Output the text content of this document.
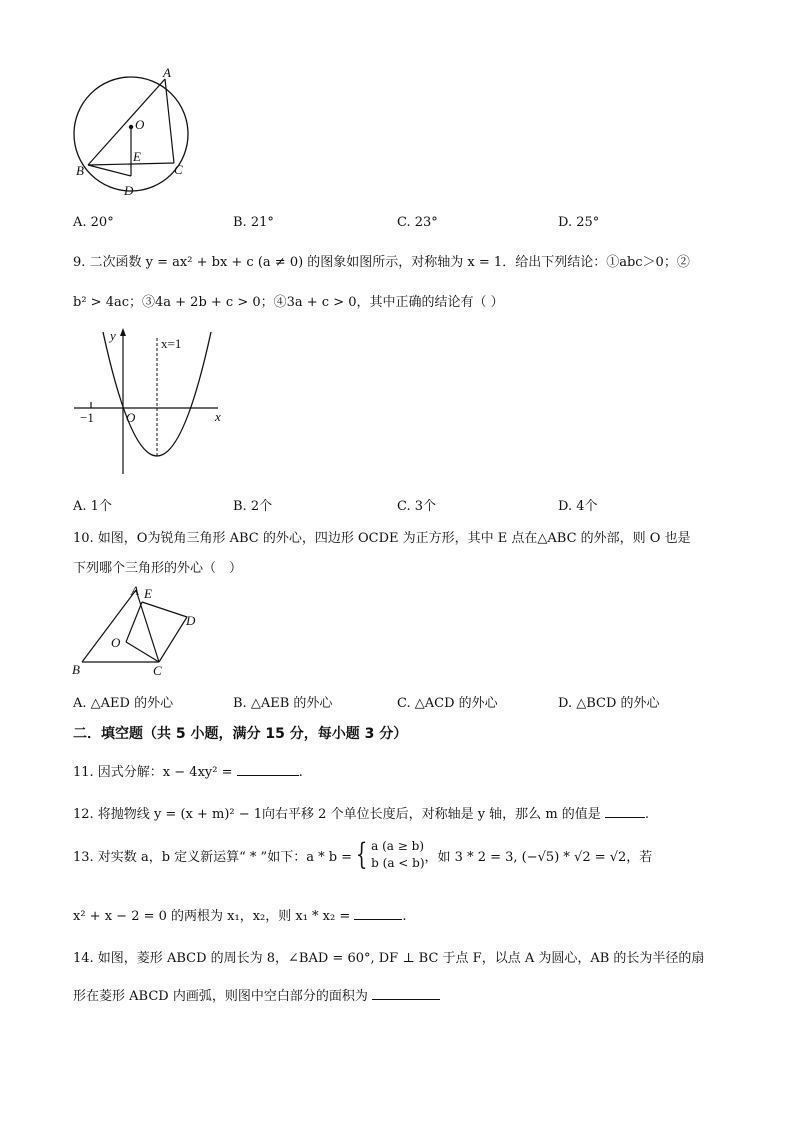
A
O
E
B	C
D
A. 20°	B. 21°	C. 23°	D. 25°
9. 二次函数 y = ax² + bx + c (a ≠ 0) 的图象如图所示，对称轴为 x = 1．给出下列结论：①abc＞0；②
b² > 4ac；③4a + 2b + c > 0；④3a + c > 0，其中正确的结论有（ ）
y
x
x=1
O
−1
A. 1个	B. 2个	C. 3个	D. 4个
10. 如图，O为锐角三角形 ABC 的外心，四边形 OCDE 为正方形，其中 E 点在△ABC 的外部，则 O 也是
下列哪个三角形的外心（　）
A E
D
O
B	C
A. △AED 的外心	B. △AEB 的外心	C. △ACD 的外心	D. △BCD 的外心
二．填空题（共 5 小题，满分 15 分，每小题 3 分）
11. 因式分解：x − 4xy² =	.
12. 将抛物线 y = (x + m)² − 1向右平移 2 个单位长度后，对称轴是 y 轴，那么 m 的值是	.
13. 对实数 a，b 定义新运算“ * ”如下：a * b = { a (a ≥ b)
b (a < b) ，如 3 * 2 = 3, (−√5) * √2 = √2，若
x² + x − 2 = 0 的两根为 x₁，x₂，则 x₁ * x₂ =	.
14. 如图，菱形 ABCD 的周长为 8，∠BAD = 60°, DF ⊥ BC 于点 F，以点 A 为圆心，AB 的长为半径的扇
形在菱形 ABCD 内画弧，则图中空白部分的面积为
